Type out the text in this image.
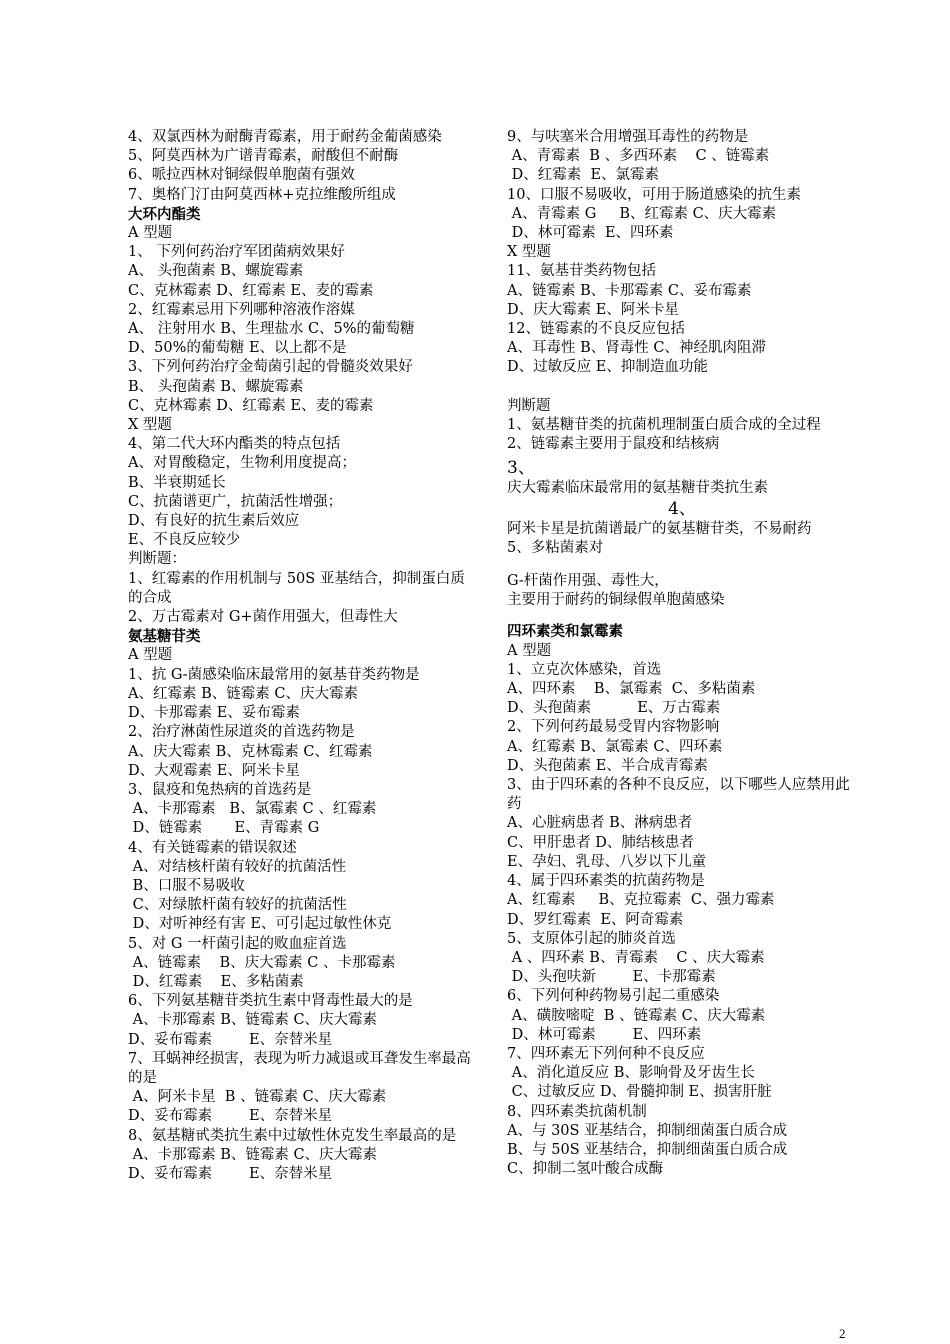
4、双氯西林为耐酶青霉素，用于耐药金葡菌感染
5、阿莫西林为广谱青霉素，耐酸但不耐酶
6、哌拉西林对铜绿假单胞菌有强效
7、奥格门汀由阿莫西林+克拉维酸所组成
大环内酯类
A 型题
1、 下列何药治疗军团菌病效果好
A、 头孢菌素 B、螺旋霉素
C、克林霉素 D、红霉素 E、麦的霉素
2、红霉素忌用下列哪种溶液作溶媒
A、 注射用水 B、生理盐水 C、5%的葡萄糖
D、50%的葡萄糖 E、以上都不是
3、下列何药治疗金萄菌引起的骨髓炎效果好
B、 头孢菌素 B、螺旋霉素
C、克林霉素 D、红霉素 E、麦的霉素
X 型题
4、第二代大环内酯类的特点包括
A、对胃酸稳定，生物利用度提高；
B、半衰期延长
C、抗菌谱更广，抗菌活性增强；
D、有良好的抗生素后效应
E、不良反应较少
判断题：
1、红霉素的作用机制与 50S 亚基结合，抑制蛋白质的合成
2、万古霉素对 G+菌作用强大，但毒性大
氨基糖苷类
A 型题
1、抗 G-菌感染临床最常用的氨基苷类药物是
A、红霉素 B、链霉素 C、庆大霉素
D、卡那霉素 E、妥布霉素
2、治疗淋菌性尿道炎的首选药物是
A、庆大霉素 B、克林霉素 C、红霉素
D、大观霉素 E、阿米卡星
3、鼠疫和兔热病的首选药是
A、卡那霉素   B、氯霉素 C 、红霉素
D、链霉素       E、青霉素 G
4、有关链霉素的错误叙述
A、对结核杆菌有较好的抗菌活性
B、口服不易吸收
C、对绿脓杆菌有较好的抗菌活性
D、对听神经有害 E、可引起过敏性休克
5、对 G 一杆菌引起的败血症首选
A、链霉素    B、庆大霉素 C 、卡那霉素
D、红霉素    E、多粘菌素
6、下列氨基糖苷类抗生素中肾毒性最大的是
A、卡那霉素 B、链霉素 C、庆大霉素
D、妥布霉素        E、奈替米星
7、耳蜗神经损害，表现为听力减退或耳聋发生率最高的是
A、阿米卡星  B 、链霉素 C、庆大霉素
D、妥布霉素        E、奈替米星
8、氨基糖甙类抗生素中过敏性休克发生率最高的是
A、卡那霉素 B、链霉素 C、庆大霉素
D、妥布霉素        E、奈替米星
9、与呋塞米合用增强耳毒性的药物是
A、青霉素  B 、多西环素    C 、链霉素
D、红霉素  E、氯霉素
10、口服不易吸收，可用于肠道感染的抗生素
A、青霉素 G     B、红霉素 C、庆大霉素
D、林可霉素  E、四环素
X 型题
11、氨基苷类药物包括
A、链霉素 B、卡那霉素 C、妥布霉素
D、庆大霉素 E、阿米卡星
12、链霉素的不良反应包括
A、耳毒性 B、肾毒性 C、神经肌肉阻滞
D、过敏反应 E、抑制造血功能
判断题
1、氨基糖苷类的抗菌机理制蛋白质合成的全过程
2、链霉素主要用于鼠疫和结核病
3、
庆大霉素临床最常用的氨基糖苷类抗生素
4、
阿米卡星是抗菌谱最广的氨基糖苷类，不易耐药
5、多粘菌素对
G-杆菌作用强、毒性大，
主要用于耐药的铜绿假单胞菌感染
四环素类和氯霉素
A 型题
1、立克次体感染，首选
A、四环素    B、氯霉素  C、多粘菌素
D、头孢菌素          E、万古霉素
2、下列何药最易受胃内容物影响
A、红霉素 B、氯霉素 C、四环素
D、头孢菌素 E、半合成青霉素
3、由于四环素的各种不良反应，以下哪些人应禁用此药
A、心脏病患者 B、淋病患者
C、甲肝患者 D、肺结核患者
E、孕妇、乳母、八岁以下儿童
4、属于四环素类的抗菌药物是
A、红霉素     B、克拉霉素  C、强力霉素
D、罗红霉素  E、阿奇霉素
5、支原体引起的肺炎首选
A 、四环素 B、青霉素    C 、庆大霉素
D、头孢呋新        E、卡那霉素
6、下列何种药物易引起二重感染
A、磺胺嘧啶  B 、链霉素 C、庆大霉素
D、林可霉素        E、四环素
7、四环素无下列何种不良反应
A、消化道反应 B、影响骨及牙齿生长
C、过敏反应 D、骨髓抑制 E、损害肝脏
8、四环素类抗菌机制
A、与 30S 亚基结合，抑制细菌蛋白质合成
B、与 50S 亚基结合，抑制细菌蛋白质合成
C、抑制二氢叶酸合成酶
2
